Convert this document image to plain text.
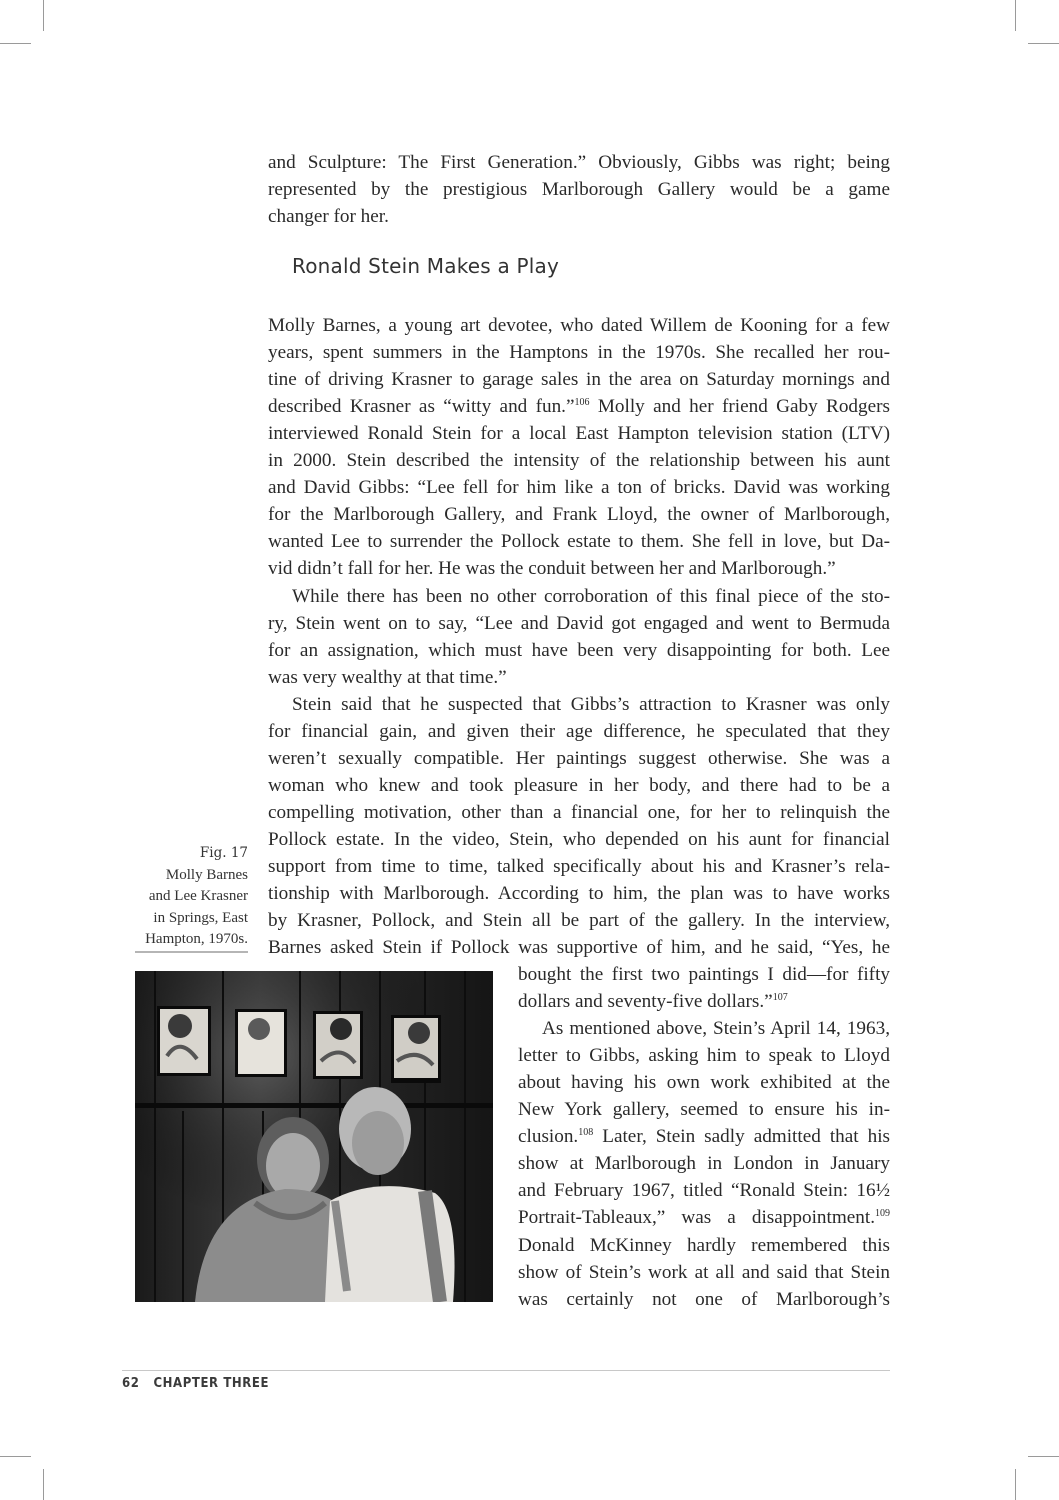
and Sculpture: The First Generation.” Obviously, Gibbs was right; being
represented by the prestigious Marlborough Gallery would be a game
changer for her.
Ronald Stein Makes a Play
Molly Barnes, a young art devotee, who dated Willem de Kooning for a few
years, spent summers in the Hamptons in the 1970s. She recalled her rou-
tine of driving Krasner to garage sales in the area on Saturday mornings and
described Krasner as “witty and fun.”$^{106}$ Molly and her friend Gaby Rodgers
interviewed Ronald Stein for a local East Hampton television station (LTV)
in 2000. Stein described the intensity of the relationship between his aunt
and David Gibbs: “Lee fell for him like a ton of bricks. David was working
for the Marlborough Gallery, and Frank Lloyd, the owner of Marlborough,
wanted Lee to surrender the Pollock estate to them. She fell in love, but Da-
vid didn’t fall for her. He was the conduit between her and Marlborough.”
While there has been no other corroboration of this final piece of the sto-
ry, Stein went on to say, “Lee and David got engaged and went to Bermuda
for an assignation, which must have been very disappointing for both. Lee
was very wealthy at that time.”
Stein said that he suspected that Gibbs’s attraction to Krasner was only
for financial gain, and given their age difference, he speculated that they
weren’t sexually compatible. Her paintings suggest otherwise. She was a
woman who knew and took pleasure in her body, and there had to be a
compelling motivation, other than a financial one, for her to relinquish the
Pollock estate. In the video, Stein, who depended on his aunt for financial
support from time to time, talked specifically about his and Krasner’s rela-
tionship with Marlborough. According to him, the plan was to have works
by Krasner, Pollock, and Stein all be part of the gallery. In the interview,
Barnes asked Stein if Pollock was supportive of him, and he said, “Yes, he
bought the first two paintings I did—for fifty
dollars and seventy-five dollars.”$^{107}$
As mentioned above, Stein’s April 14, 1963,
letter to Gibbs, asking him to speak to Lloyd
about having his own work exhibited at the
New York gallery, seemed to ensure his in-
clusion.$^{108}$ Later, Stein sadly admitted that his
show at Marlborough in London in January
and February 1967, titled “Ronald Stein: 16½
Portrait-Tableaux,” was a disappointment.$^{109}$
Donald McKinney hardly remembered this
show of Stein’s work at all and said that Stein
was certainly not one of Marlborough’s
Fig. 17
Molly Barnes
and Lee Krasner
in Springs, East
Hampton, 1970s.
62 CHAPTER THREE
